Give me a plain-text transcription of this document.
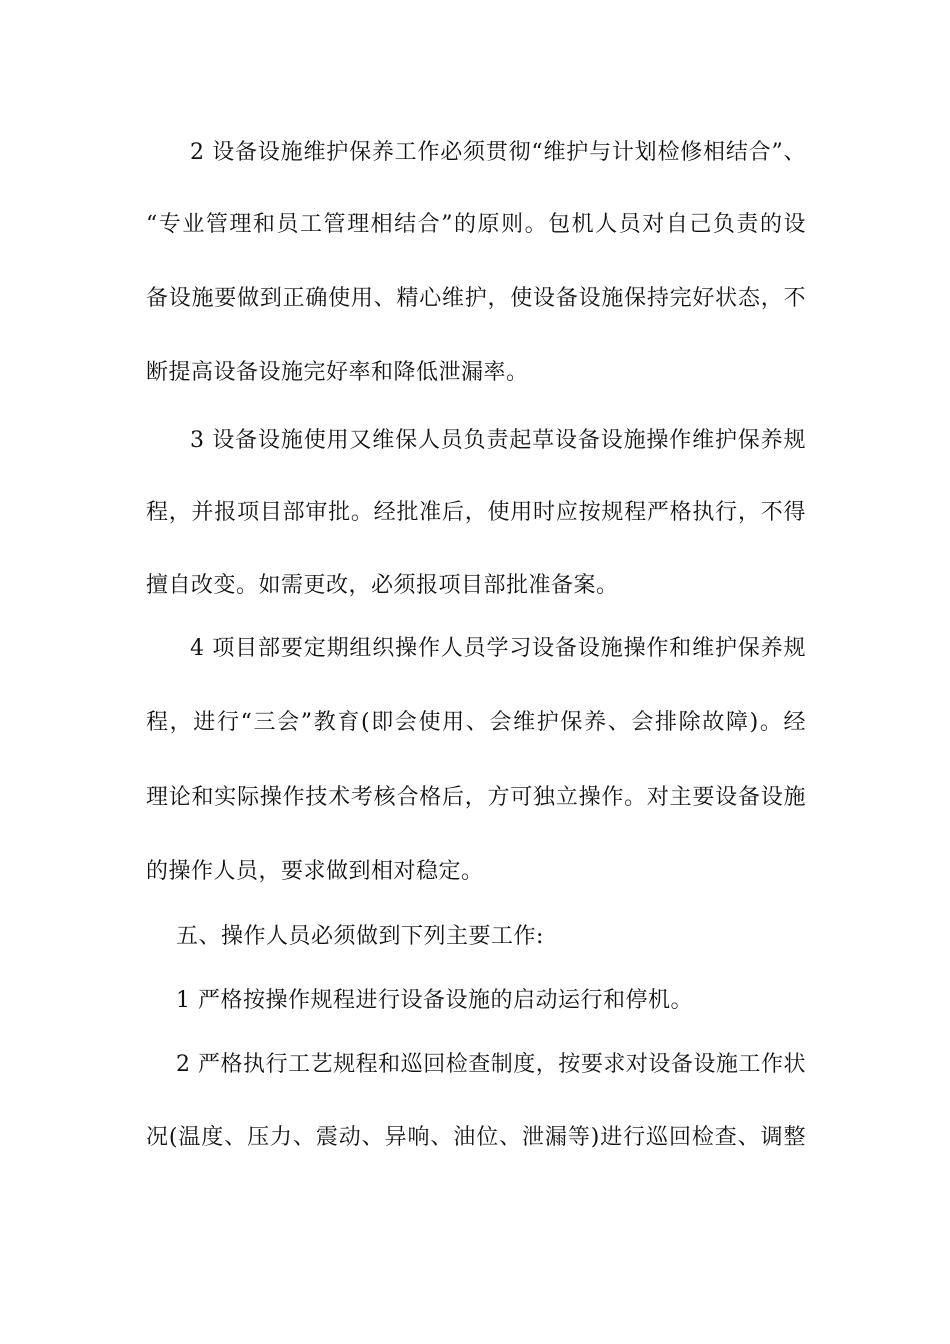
2 设备设施维护保养工作必须贯彻“维护与计划检修相结合”、
“专业管理和员工管理相结合”的原则。包机人员对自己负责的设
备设施要做到正确使用、精心维护，使设备设施保持完好状态，不
断提高设备设施完好率和降低泄漏率。
3 设备设施使用又维保人员负责起草设备设施操作维护保养规
程，并报项目部审批。经批准后，使用时应按规程严格执行，不得
擅自改变。如需更改，必须报项目部批准备案。
4 项目部要定期组织操作人员学习设备设施操作和维护保养规
程，进行“三会”教育(即会使用、会维护保养、会排除故障)。经
理论和实际操作技术考核合格后，方可独立操作。对主要设备设施
的操作人员，要求做到相对稳定。
五、操作人员必须做到下列主要工作:
1 严格按操作规程进行设备设施的启动运行和停机。
2 严格执行工艺规程和巡回检查制度，按要求对设备设施工作状
况(温度、压力、震动、异响、油位、泄漏等)进行巡回检查、调整
